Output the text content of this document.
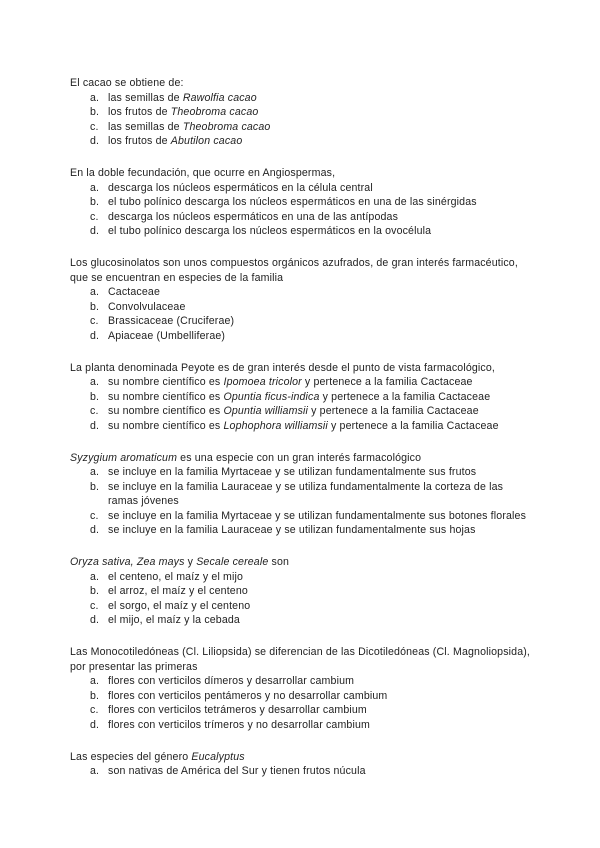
El cacao se obtiene de:
a. las semillas de Rawolfia cacao
b. los frutos de Theobroma cacao
c. las semillas de Theobroma cacao
d. los frutos de Abutilon cacao
En la doble fecundación, que ocurre en Angiospermas,
a. descarga los núcleos espermáticos en la célula central
b. el tubo polínico descarga los núcleos espermáticos en una de las sinérgidas
c. descarga los núcleos espermáticos en una de las antípodas
d. el tubo polínico descarga los núcleos espermáticos en la ovocélula
Los glucosinolatos son unos compuestos orgánicos azufrados, de gran interés farmacéutico, que se encuentran en especies de la familia
a. Cactaceae
b. Convolvulaceae
c. Brassicaceae (Cruciferae)
d. Apiaceae (Umbelliferae)
La planta denominada Peyote es de gran interés desde el punto de vista farmacológico,
a. su nombre científico es Ipomoea tricolor y pertenece a la familia Cactaceae
b. su nombre científico es Opuntia ficus-indica y pertenece a la familia Cactaceae
c. su nombre científico es Opuntia williamsii y pertenece a la familia Cactaceae
d. su nombre científico es Lophophora williamsii y pertenece a la familia Cactaceae
Syzygium aromaticum es una especie con un gran interés farmacológico
a. se incluye en la familia Myrtaceae y se utilizan fundamentalmente sus frutos
b. se incluye en la familia Lauraceae y se utiliza fundamentalmente la corteza de las ramas jóvenes
c. se incluye en la familia Myrtaceae y se utilizan fundamentalmente sus botones florales
d. se incluye en la familia Lauraceae y se utilizan fundamentalmente sus hojas
Oryza sativa, Zea mays y Secale cereale son
a. el centeno, el maíz y el mijo
b. el arroz, el maíz y el centeno
c. el sorgo, el maíz y el centeno
d. el mijo, el maíz y la cebada
Las Monocotiledóneas (Cl. Liliopsida) se diferencian de las Dicotiledóneas (Cl. Magnoliopsida), por presentar las primeras
a. flores con verticilos dímeros y desarrollar cambium
b. flores con verticilos pentámeros y no desarrollar cambium
c. flores con verticilos tetrámeros y desarrollar cambium
d. flores con verticilos trímeros y no desarrollar cambium
Las especies del género Eucalyptus
a. son nativas de América del Sur y tienen frutos núcula
